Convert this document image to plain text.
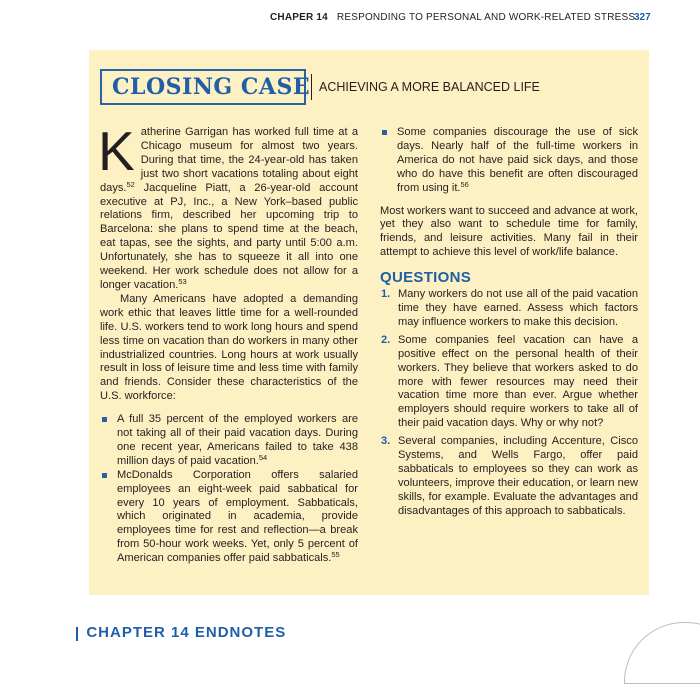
CHAPER 14 RESPONDING TO PERSONAL AND WORK-RELATED STRESS
327
CLOSING CASE ACHIEVING A MORE BALANCED LIFE

Katherine Garrigan has worked full time at a Chicago museum for almost two years. During that time, the 24-year-old has taken just two short vacations totaling about eight days.$^{52}$ Jacqueline Piatt, a 26-year-old account executive at PJ, Inc., a New York–based public relations firm, described her upcoming trip to Barcelona: she plans to spend time at the beach, eat tapas, see the sights, and party until 5:00 a.m. Unfortunately, she has to squeeze it all into one weekend. Her work schedule does not allow for a longer vacation.$^{53}$

Many Americans have adopted a demanding work ethic that leaves little time for a well-rounded life. U.S. workers tend to work long hours and spend less time on vacation than do workers in many other industrialized countries. Long hours at work usually result in loss of leisure time and less time with family and friends. Consider these characteristics of the U.S. workforce:

A full 35 percent of the employed workers are not taking all of their paid vacation days. During one recent year, Americans failed to take 438 million days of paid vacation.$^{54}$
McDonalds Corporation offers salaried employees an eight-week paid sabbatical for every 10 years of employment. Sabbaticals, which originated in academia, provide employees time for rest and reflection—a break from 50-hour work weeks. Yet, only 5 percent of American companies offer paid sabbaticals.$^{55}$
Some companies discourage the use of sick days. Nearly half of the full-time workers in America do not have paid sick days, and those who do have this benefit are often discouraged from using it.$^{56}$

Most workers want to succeed and advance at work, yet they also want to schedule time for family, friends, and leisure activities. Many fail in their attempt to achieve this level of work/life balance.

QUESTIONS
1. Many workers do not use all of the paid vacation time they have earned. Assess which factors may influence workers to make this decision.
2. Some companies feel vacation can have a positive effect on the personal health of their workers. They believe that workers asked to do more with fewer resources may need their vacation time more than ever. Argue whether employers should require workers to take all of their paid vacation days. Why or why not?
3. Several companies, including Accenture, Cisco Systems, and Wells Fargo, offer paid sabbaticals to employees so they can work as volunteers, improve their education, or learn new skills, for example. Evaluate the advantages and disadvantages of this approach to sabbaticals.
CHAPTER 14 ENDNOTES
